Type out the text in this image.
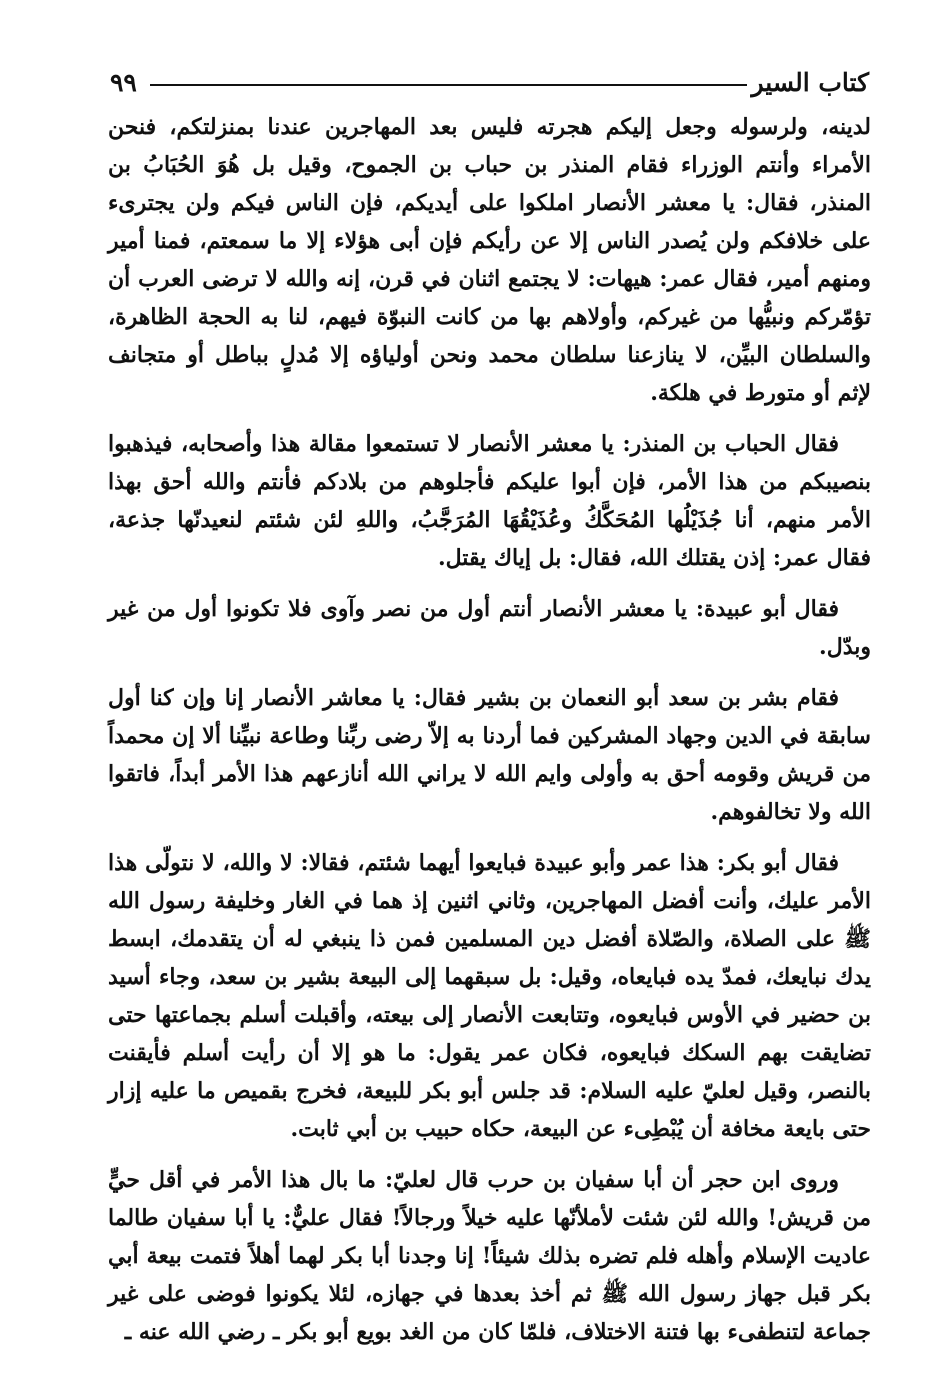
كتاب السير
٩٩

لدينه، ولرسوله وجعل إليكم هجرته فليس بعد المهاجرين عندنا بمنزلتكم، فنحن الأمراء وأنتم الوزراء فقام المنذر بن حباب بن الجموح، وقيل بل هُوَ الحُبَابُ بن المنذر، فقال: يا معشر الأنصار املكوا على أيديكم، فإن الناس فيكم ولن يجترىء على خلافكم ولن يُصدر الناس إلا عن رأيكم فإن أبى هؤلاء إلا ما سمعتم، فمنا أمير ومنهم أمير، فقال عمر: هيهات: لا يجتمع اثنان في قرن، إنه والله لا ترضى العرب أن تؤمّركم ونبيُّها من غيركم، وأولاهم بها من كانت النبوّة فيهم، لنا به الحجة الظاهرة، والسلطان البيِّن، لا ينازعنا سلطان محمد ونحن أولياؤه إلا مُدلٍ بباطل أو متجانف لإثم أو متورط في هلكة.

فقال الحباب بن المنذر: يا معشر الأنصار لا تستمعوا مقالة هذا وأصحابه، فيذهبوا بنصيبكم من هذا الأمر، فإن أبوا عليكم فأجلوهم من بلادكم فأنتم والله أحق بهذا الأمر منهم، أنا جُذَيْلُها المُحَكَّكُ وعُذَيْقُهَا المُرَجَّبُ، واللهِ لئن شئتم لنعيدنّها جذعة، فقال عمر: إذن يقتلك الله، فقال: بل إياك يقتل.

فقال أبو عبيدة: يا معشر الأنصار أنتم أول من نصر وآوى فلا تكونوا أول من غير وبدّل.

فقام بشر بن سعد أبو النعمان بن بشير فقال: يا معاشر الأنصار إنا وإن كنا أول سابقة في الدين وجهاد المشركين فما أردنا به إلاّ رضى ربِّنا وطاعة نبيِّنا ألا إن محمداً من قريش وقومه أحق به وأولى وايم الله لا يراني الله أنازعهم هذا الأمر أبداً، فاتقوا الله ولا تخالفوهم.

فقال أبو بكر: هذا عمر وأبو عبيدة فبايعوا أيهما شئتم، فقالا: لا والله، لا نتولّى هذا الأمر عليك، وأنت أفضل المهاجرين، وثاني اثنين إذ هما في الغار وخليفة رسول الله ﷺ على الصلاة، والصّلاة أفضل دين المسلمين فمن ذا ينبغي له أن يتقدمك، ابسط يدك نبايعك، فمدّ يده فبايعاه، وقيل: بل سبقهما إلى البيعة بشير بن سعد، وجاء أسيد بن حضير في الأوس فبايعوه، وتتابعت الأنصار إلى بيعته، وأقبلت أسلم بجماعتها حتى تضايقت بهم السكك فبايعوه، فكان عمر يقول: ما هو إلا أن رأيت أسلم فأيقنت بالنصر، وقيل لعليّ عليه السلام: قد جلس أبو بكر للبيعة، فخرج بقميص ما عليه إزار حتى بايعة مخافة أن يُبْطِىء عن البيعة، حكاه حبيب بن أبي ثابت.

وروى ابن حجر أن أبا سفيان بن حرب قال لعليّ: ما بال هذا الأمر في أقل حيٍّ من قريش! والله لئن شئت لأملأنّها عليه خيلاً ورجالاً! فقال عليٌّ: يا أبا سفيان طالما عاديت الإسلام وأهله فلم تضره بذلك شيئاً! إنا وجدنا أبا بكر لهما أهلاً فتمت بيعة أبي بكر قبل جهاز رسول الله ﷺ ثم أخذ بعدها في جهازه، لئلا يكونوا فوضى على غير جماعة لتنطفىء بها فتنة الاختلاف، فلمّا كان من الغد بويع أبو بكر ـ رضي الله عنه ـ
